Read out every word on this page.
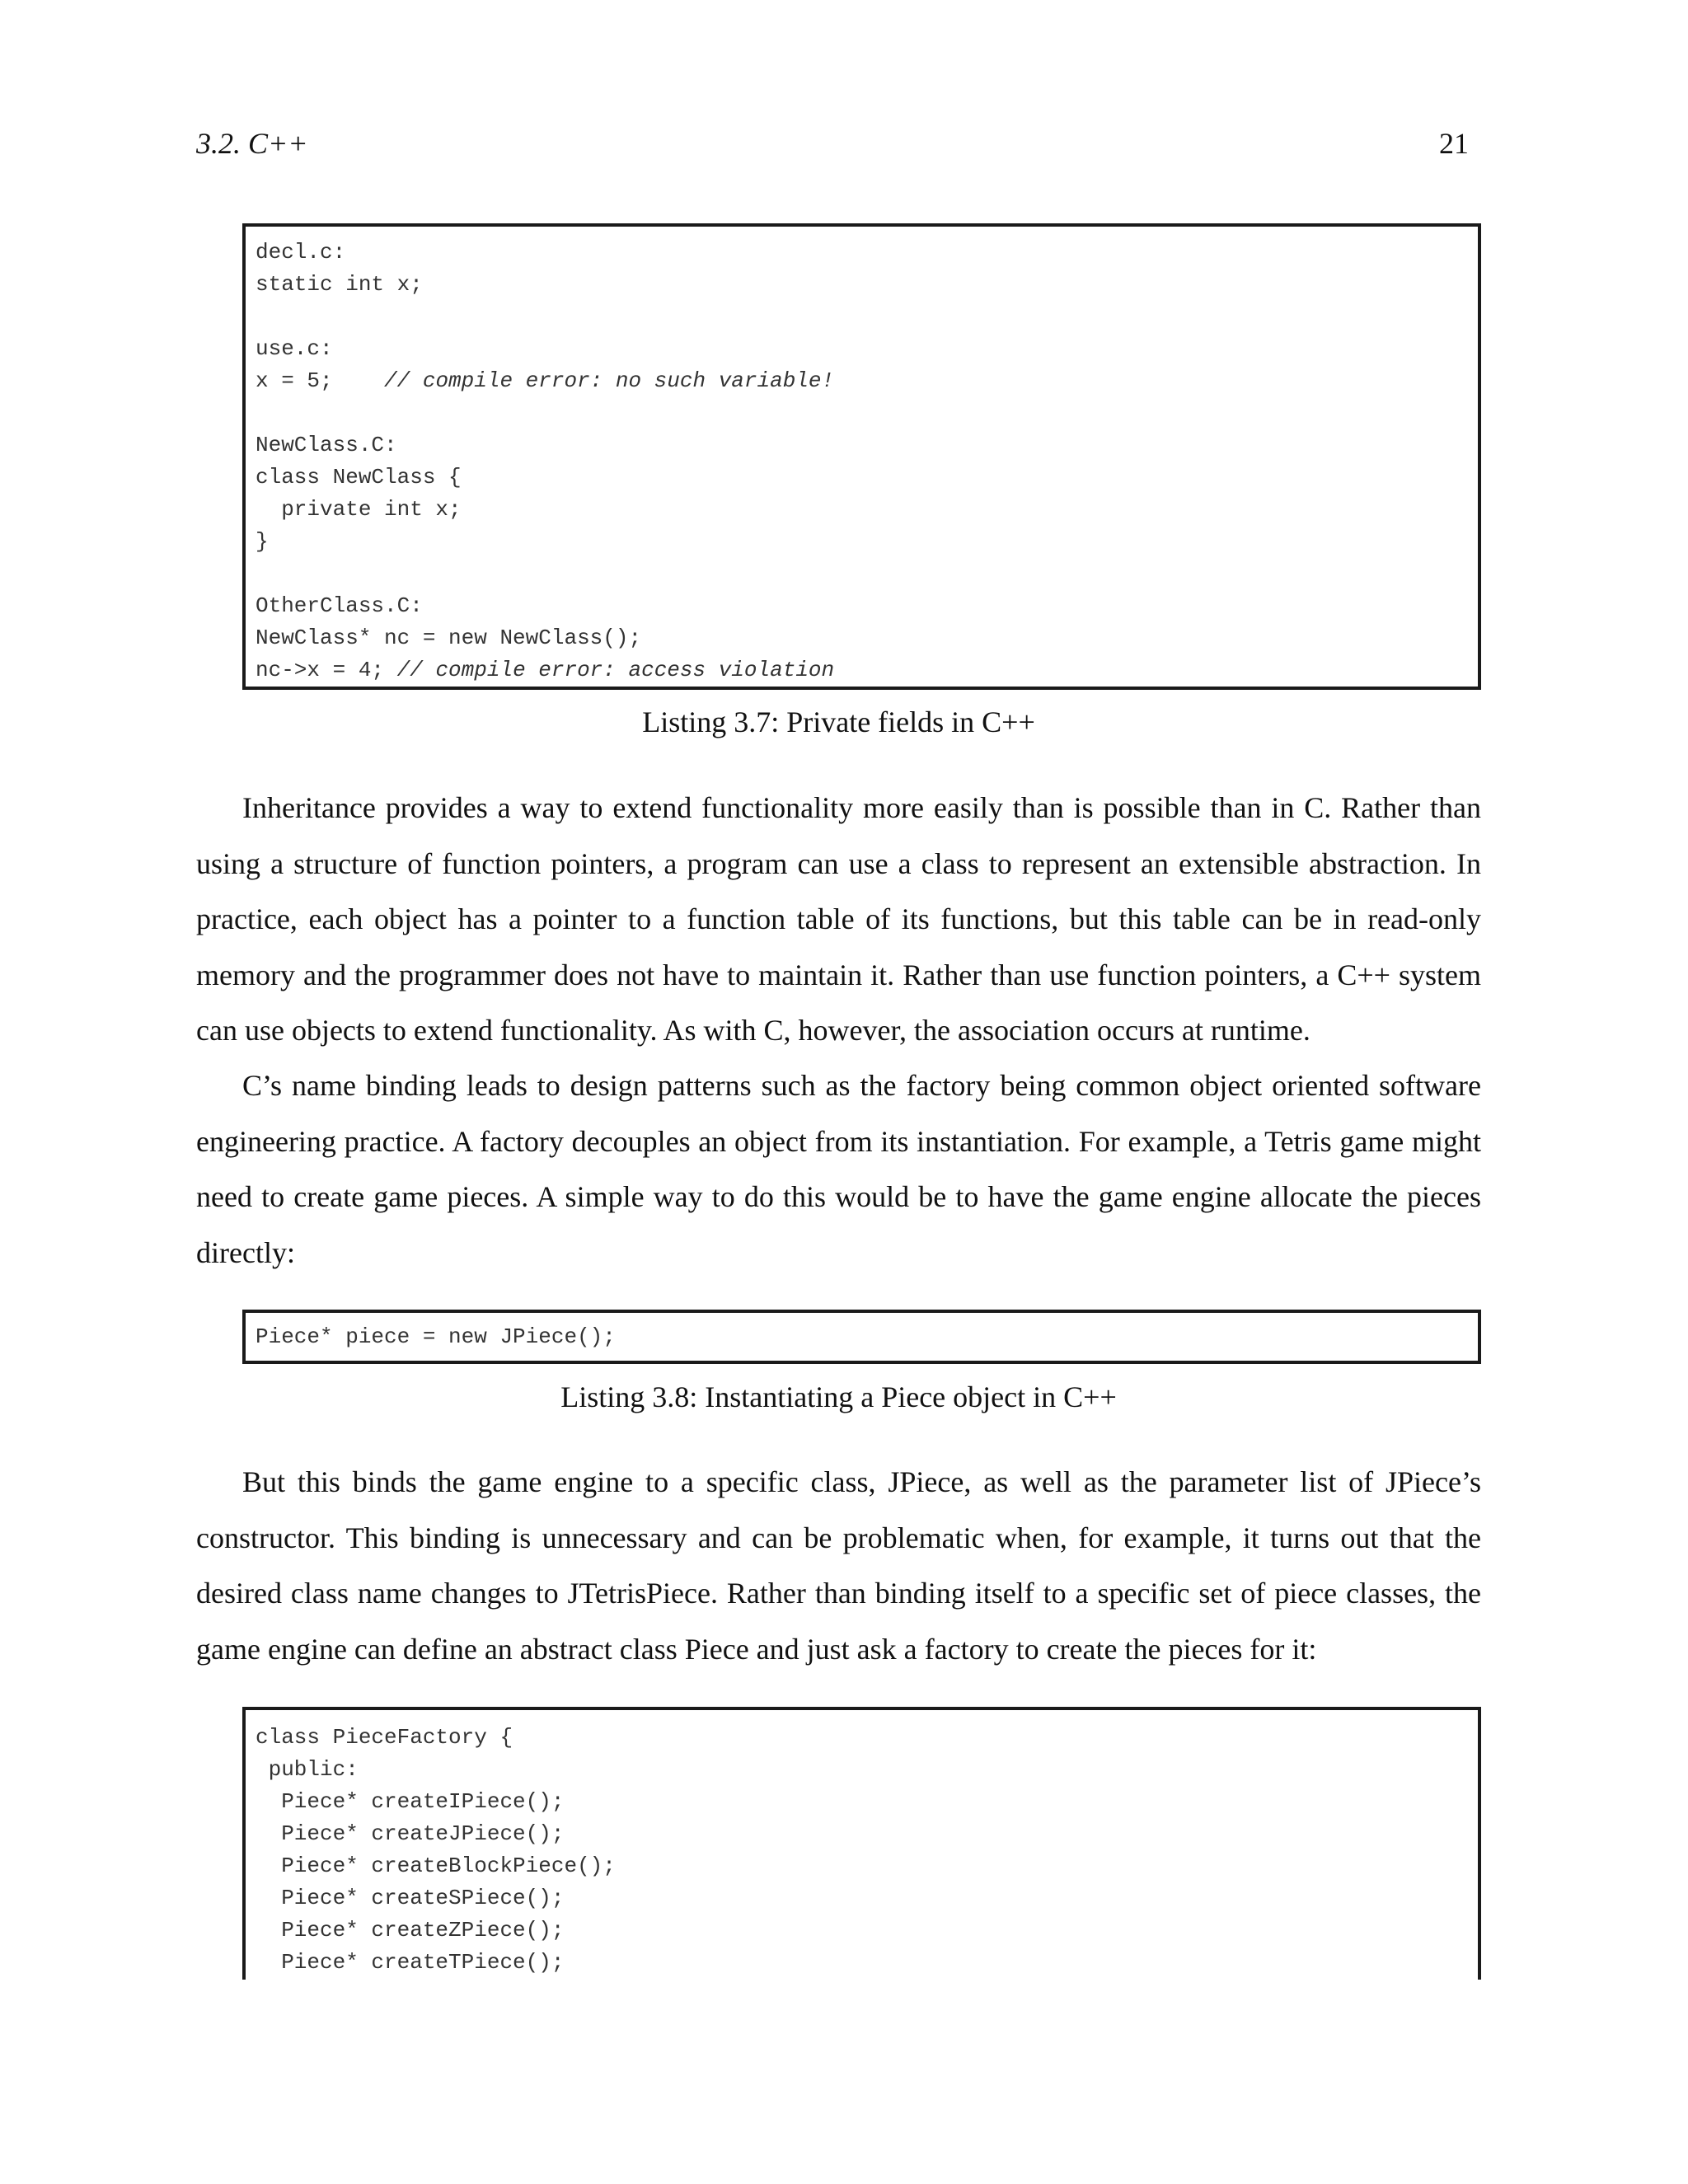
3.2. C++	21
decl.c:
static int x;
use.c:
x = 5;    // compile error: no such variable!
NewClass.C:
class NewClass {
private int x;
}
OtherClass.C:
NewClass* nc = new NewClass();
nc->x = 4; // compile error: access violation
Listing 3.7: Private fields in C++

Inheritance provides a way to extend functionality more easily than is possible than in C. Rather than using a structure of function pointers, a program can use a class to represent an extensible abstraction. In practice, each object has a pointer to a function table of its functions, but this table can be in read-only memory and the programmer does not have to maintain it. Rather than use function pointers, a C++ system can use objects to extend functionality. As with C, however, the association occurs at runtime.

C’s name binding leads to design patterns such as the factory being common object oriented software engineering practice. A factory decouples an object from its instantiation. For example, a Tetris game might need to create game pieces. A simple way to do this would be to have the game engine allocate the pieces directly:

Piece* piece = new JPiece();
Listing 3.8: Instantiating a Piece object in C++

But this binds the game engine to a specific class, JPiece, as well as the parameter list of JPiece’s constructor. This binding is unnecessary and can be problematic when, for example, it turns out that the desired class name changes to JTetrisPiece. Rather than binding itself to a specific set of piece classes, the game engine can define an abstract class Piece and just ask a factory to create the pieces for it:

class PieceFactory {
public:
Piece* createIPiece();
Piece* createJPiece();
Piece* createBlockPiece();
Piece* createSPiece();
Piece* createZPiece();
Piece* createTPiece();
